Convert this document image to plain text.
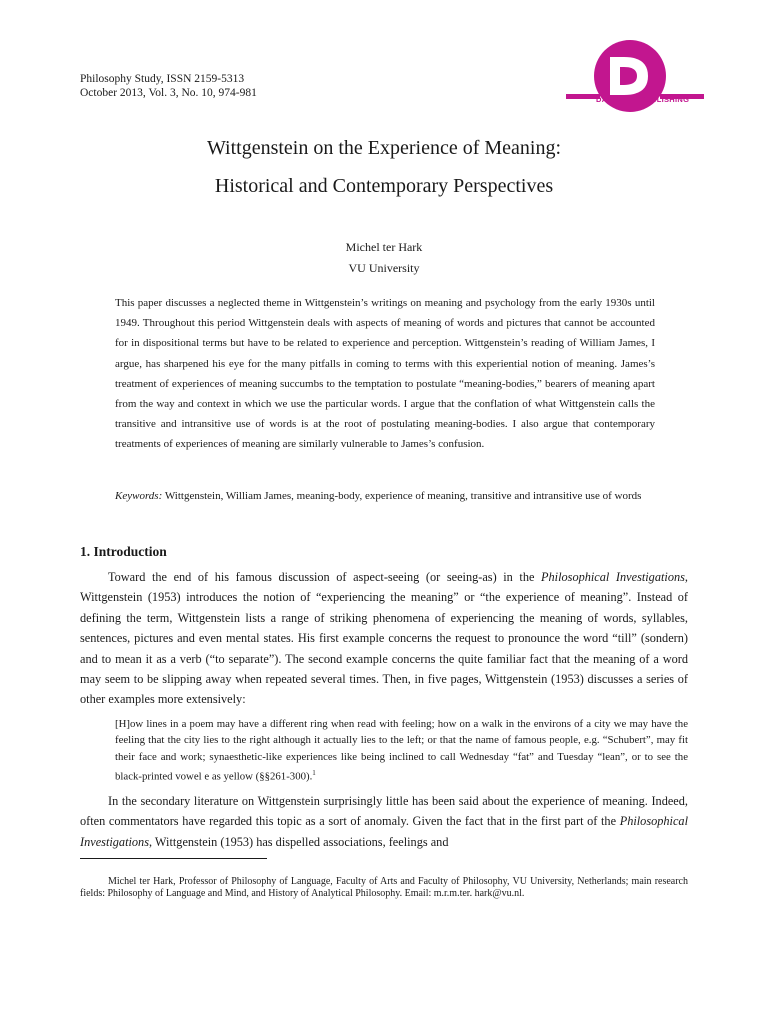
Philosophy Study, ISSN 2159-5313
October 2013, Vol. 3, No. 10, 974-981
DAVID	PUBLISHING
Wittgenstein on the Experience of Meaning:
Historical and Contemporary Perspectives
Michel ter Hark
VU University
This paper discusses a neglected theme in Wittgenstein’s writings on meaning and psychology from the early 1930s until 1949. Throughout this period Wittgenstein deals with aspects of meaning of words and pictures that cannot be accounted for in dispositional terms but have to be related to experience and perception. Wittgenstein’s reading of William James, I argue, has sharpened his eye for the many pitfalls in coming to terms with this experiential notion of meaning. James’s treatment of experiences of meaning succumbs to the temptation to postulate “meaning-bodies,” bearers of meaning apart from the way and context in which we use the particular words. I argue that the conflation of what Wittgenstein calls the transitive and intransitive use of words is at the root of postulating meaning-bodies. I also argue that contemporary treatments of experiences of meaning are similarly vulnerable to James’s confusion.
Keywords: Wittgenstein, William James, meaning-body, experience of meaning, transitive and intransitive use of words
1. Introduction
Toward the end of his famous discussion of aspect-seeing (or seeing-as) in the Philosophical Investigations, Wittgenstein (1953) introduces the notion of “experiencing the meaning” or “the experience of meaning”. Instead of defining the term, Wittgenstein lists a range of striking phenomena of experiencing the meaning of words, syllables, sentences, pictures and even mental states. His first example concerns the request to pronounce the word “till” (sondern) and to mean it as a verb (“to separate”). The second example concerns the quite familiar fact that the meaning of a word may seem to be slipping away when repeated several times. Then, in five pages, Wittgenstein (1953) discusses a series of other examples more extensively:
[H]ow lines in a poem may have a different ring when read with feeling; how on a walk in the environs of a city we may have the feeling that the city lies to the right although it actually lies to the left; or that the name of famous people, e.g. “Schubert”, may fit their face and work; synaesthetic-like experiences like being inclined to call Wednesday “fat” and Tuesday “lean”, or to see the black-printed vowel e as yellow (§§261-300).$^1$
In the secondary literature on Wittgenstein surprisingly little has been said about the experience of meaning. Indeed, often commentators have regarded this topic as a sort of anomaly. Given the fact that in the first part of the Philosophical Investigations, Wittgenstein (1953) has dispelled associations, feelings and
Michel ter Hark, Professor of Philosophy of Language, Faculty of Arts and Faculty of Philosophy, VU University, Netherlands; main research fields: Philosophy of Language and Mind, and History of Analytical Philosophy. Email: m.r.m.ter. hark@vu.nl.
